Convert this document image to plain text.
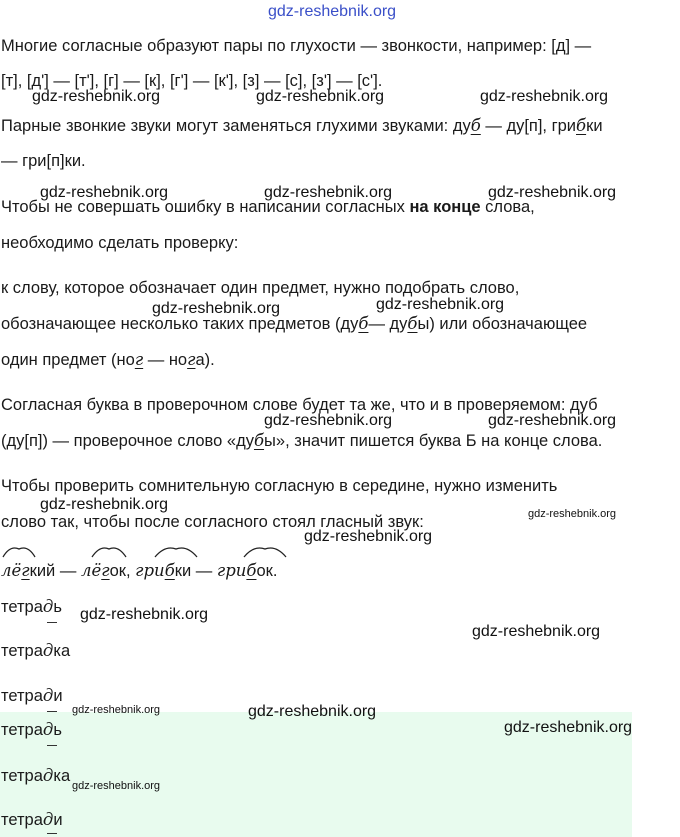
gdz-reshebnik.org

Многие согласные образуют пары по глухости — звонкости, например: [д] —

[т], [д'] — [т'], [г] — [к], [г'] — [к'], [з] — [с], [з'] — [с'].

gdz-reshebnik.org	gdz-reshebnik.org	gdz-reshebnik.org

Парные звонкие звуки могут заменяться глухими звуками: дуб — ду[п], грибки

— гри[п]ки.

gdz-reshebnik.org	gdz-reshebnik.org	gdz-reshebnik.org

Чтобы не совершать ошибку в написании согласных на конце слова,

необходимо сделать проверку:

к слову, которое обозначает один предмет, нужно подобрать слово,

gdz-reshebnik.org
gdz-reshebnik.org

обозначающее несколько таких предметов (дуб— дубы) или обозначающее

один предмет (ног — нога).

Согласная буква в проверочном слове будет та же, что и в проверяемом: дуб

gdz-reshebnik.org	gdz-reshebnik.org

(ду[п]) — проверочное слово «дубы», значит пишется буква Б на конце слова.

Чтобы проверить сомнительную согласную в середине, нужно изменить

gdz-reshebnik.org
gdz-reshebnik.org

слово так, чтобы после согласного стоял гласный звук:

gdz-reshebnik.org

лёгкий — лёгок, грибки — грибок.

тетрадь gdz-reshebnik.org
gdz-reshebnik.org

тетрадка

тетради

gdz-reshebnik.org	gdz-reshebnik.org
gdz-reshebnik.org

тетрадь

тетрадка

gdz-reshebnik.org

тетради
